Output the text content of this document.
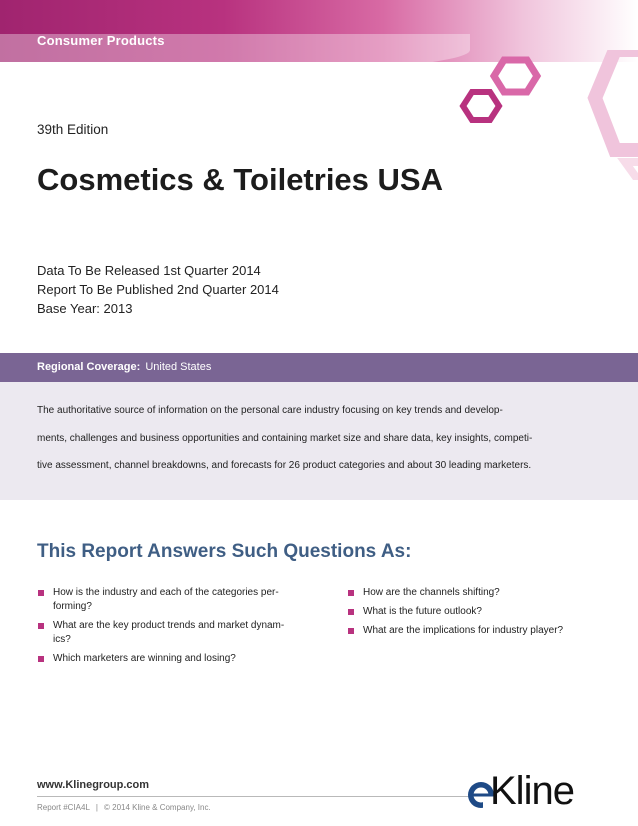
Consumer Products
39th Edition
Cosmetics & Toiletries USA
Data To Be Released 1st Quarter 2014
Report To Be Published 2nd Quarter 2014
Base Year: 2013
Regional Coverage: United States

The authoritative source of information on the personal care industry focusing on key trends and develop-
ments, challenges and business opportunities and containing market size and share data, key insights, competi-
tive assessment, channel breakdowns, and forecasts for 26 product categories and about 30 leading marketers.

This Report Answers Such Questions As:
How is the industry and each of the categories per-
forming?
What are the key product trends and market dynam-
ics?
Which marketers are winning and losing?
How are the channels shifting?
What is the future outlook?
What are the implications for industry player?
www.Klinegroup.com
Report #CIA4L | © 2014 Kline & Company, Inc.	Kline
